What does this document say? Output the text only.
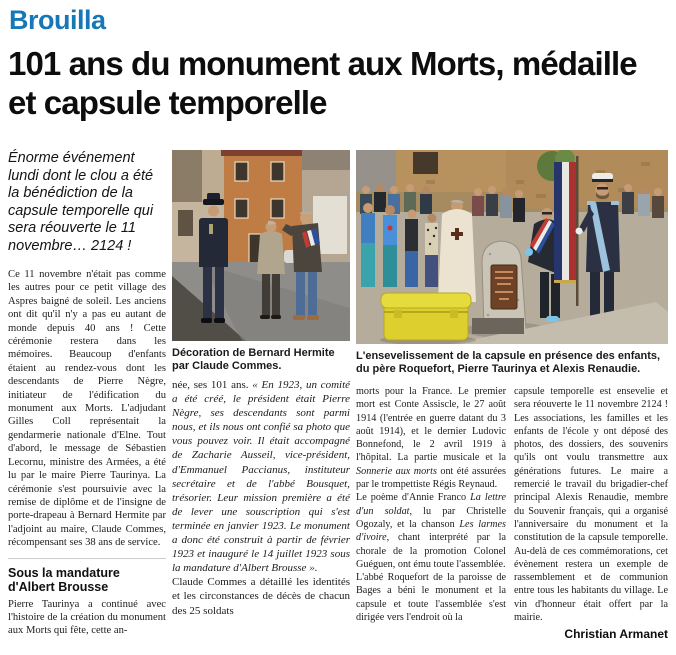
Brouilla
101 ans du monument aux Morts, médaille et capsule temporelle

Énorme événement lundi dont le clou a été la bénédiction de la capsule temporelle qui sera réouverte le 11 novembre… 2124 !

Ce 11 novembre n'était pas comme les autres pour ce petit village des Aspres baigné de soleil. Les anciens ont dit qu'il n'y a pas eu autant de monde depuis 40 ans ! Cette cérémonie restera dans les mémoires. Beaucoup d'enfants étaient au rendez-vous dont les descendants de Pierre Nègre, initiateur de l'édification du monument aux Morts. L'adjudant Gilles Coll représentait la gendarmerie nationale d'Elne. Tout d'abord, le message de Sébastien Lecornu, ministre des Armées, a été lu par le maire Pierre Taurinya. La cérémonie s'est poursuivie avec la remise de diplôme et de l'insigne de porte-drapeau à Bernard Hermite par l'adjoint au maire, Claude Commes, récompensant ses 38 ans de service.

Sous la mandature d'Albert Brousse

Pierre Taurinya a continué avec l'histoire de la création du monument aux Morts qui fête, cette an-

Décoration de Bernard Hermite par Claude Commes.

née, ses 101 ans. « En 1923, un comité a été créé, le président était Pierre Nègre, ses descendants sont parmi nous, et ils nous ont confié sa photo que vous pouvez voir. Il était accompagné de Zacharie Ausseil, vice-président, d'Emmanuel Paccianus, instituteur secrétaire et de l'abbé Bousquet, trésorier. Leur mission première a été de lever une souscription qui s'est terminée en janvier 1923. Le monument a donc été construit à partir de février 1923 et inauguré le 14 juillet 1923 sous la mandature d'Albert Brousse ».

Claude Commes a détaillé les identités et les circonstances de décès de chacun des 25 soldats

L'ensevelissement de la capsule en présence des enfants, du père Roquefort, Pierre Taurinya et Alexis Renaudie.

morts pour la France. Le premier mort est Conte Assiscle, le 27 août 1914 (l'entrée en guerre datant du 3 août 1914), et le dernier Ludovic Bonnefond, le 2 avril 1919 à l'hôpital. La partie musicale et la Sonnerie aux morts ont été assurées par le trompettiste Régis Reynaud.

Le poème d'Annie Franco La lettre d'un soldat, lu par Christelle Ogozaly, et la chanson Les larmes d'ivoire, chant interprété par la chorale de la promotion Colonel Guéguen, ont ému toute l'assemblée.

L'abbé Roquefort de la paroisse de Bages a béni le monument et la capsule et toute l'assemblée s'est dirigée vers l'endroit où la

capsule temporelle est ensevelie et sera réouverte le 11 novembre 2124 ! Les associations, les familles et les enfants de l'école y ont déposé des photos, des dossiers, des souvenirs qu'ils ont voulu transmettre aux générations futures. Le maire a remercié le travail du brigadier-chef principal Alexis Renaudie, membre du Souvenir français, qui a organisé l'anniversaire du monument et la constitution de la capsule temporelle. Au-delà de ces commémorations, cet évènement restera un exemple de rassemblement et de communion entre tous les habitants du village. Le vin d'honneur était offert par la mairie.

Christian Armanet
